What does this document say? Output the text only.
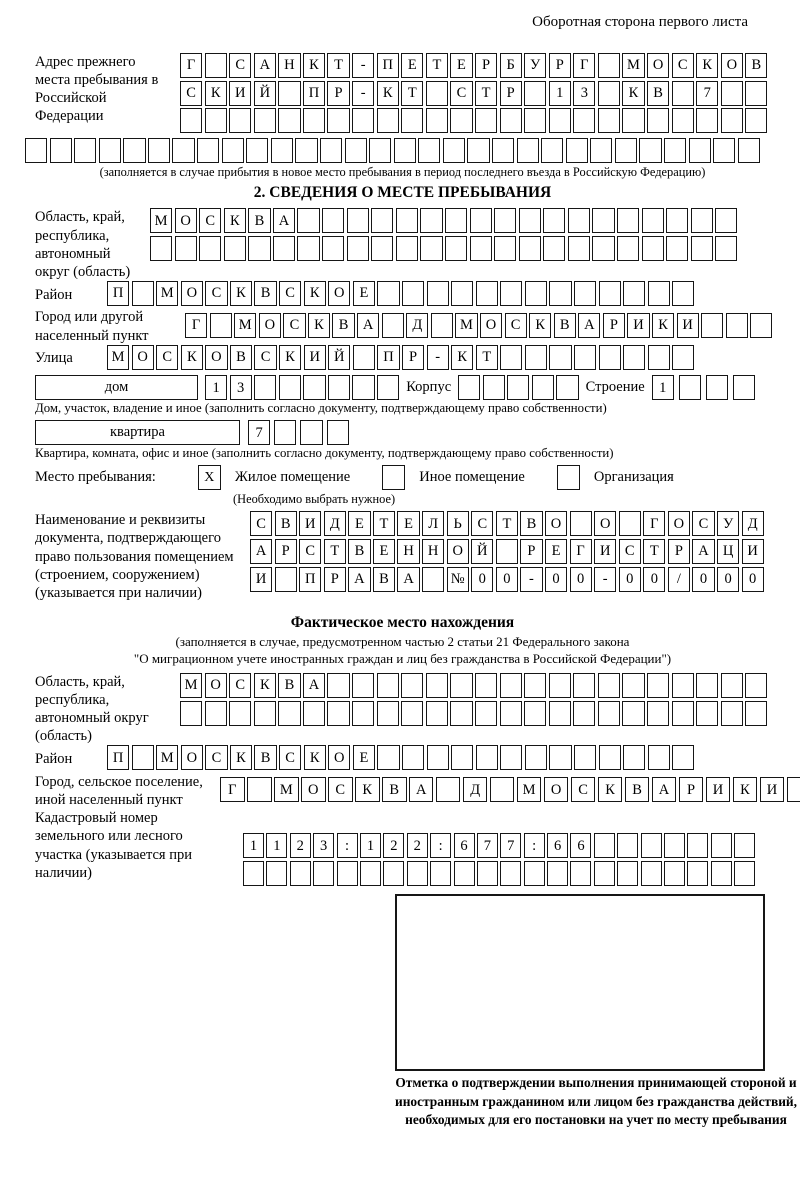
Оборотная сторона первого листа
Адрес прежнего места пребывания в Российской Федерации
Г	С	А Н	К	Т	-	П	Е	Т	Е	Р	Б	У	Р	Г	М О	С	К	О	В
С	К	И Й	П	Р	-	К	Т	С	Т	Р	1	3	К	В	7
(заполняется в случае прибытия в новое место пребывания в период последнего въезда в Российскую Федерацию)
2. СВЕДЕНИЯ О МЕСТЕ ПРЕБЫВАНИЯ
Область, край, республика, автономный округ (область)
М О	С	К	В	А
Район	П	М О	С	К	В	С	К	О	Е
Город или другой населенный пункт
Г	М О	С	К	В	А	Д	М О	С	К	В	А	Р	И	К	И
Улица	М О	С	К	О	В	С	К	И Й	П	Р	-	К	Т
дом	1	3	Корпус	Строение 1
Дом, участок, владение и иное (заполнить согласно документу, подтверждающему право собственности)
квартира	7
Квартира, комната, офис и иное (заполнить согласно документу, подтверждающему право собственности)
Место пребывания:	X	Жилое помещение	Иное помещение	Организация
(Необходимо выбрать нужное)
Наименование и реквизиты документа, подтверждающего право пользования помещением (строением, сооружением) (указывается при наличии)
С	В	И Д	Е	Т	Е	Л	Ь	С	Т	В	О	О	Г	О	С	У Д
А	Р	С	Т	В	Е	Н Н О Й	Р	Е	Г	И	С	Т	Р	А Ц И
И	П	Р	А	В	А	№ 0	0	-	0	0	-	0	0	/	0	0	0
Фактическое место нахождения
(заполняется в случае, предусмотренном частью 2 статьи 21 Федерального закона
"О миграционном учете иностранных граждан и лиц без гражданства в Российской Федерации")
Область, край, республика, автономный округ (область)
М О	С	К	В	А
Район	П	М О	С	К	В	С	К	О	Е
Город, сельское поселение, иной населенный пункт
Г	М	О	С	К	В	А	Д	М	О	С	К	В	А	Р	И	К	И
Кадастровый номер земельного или лесного участка (указывается при наличии)
1	1	2	3	:	1	2	2	:	6	7	7	:	6	6
Отметка о подтверждении выполнения принимающей стороной и иностранным гражданином или лицом без гражданства действий, необходимых для его постановки на учет по месту пребывания
